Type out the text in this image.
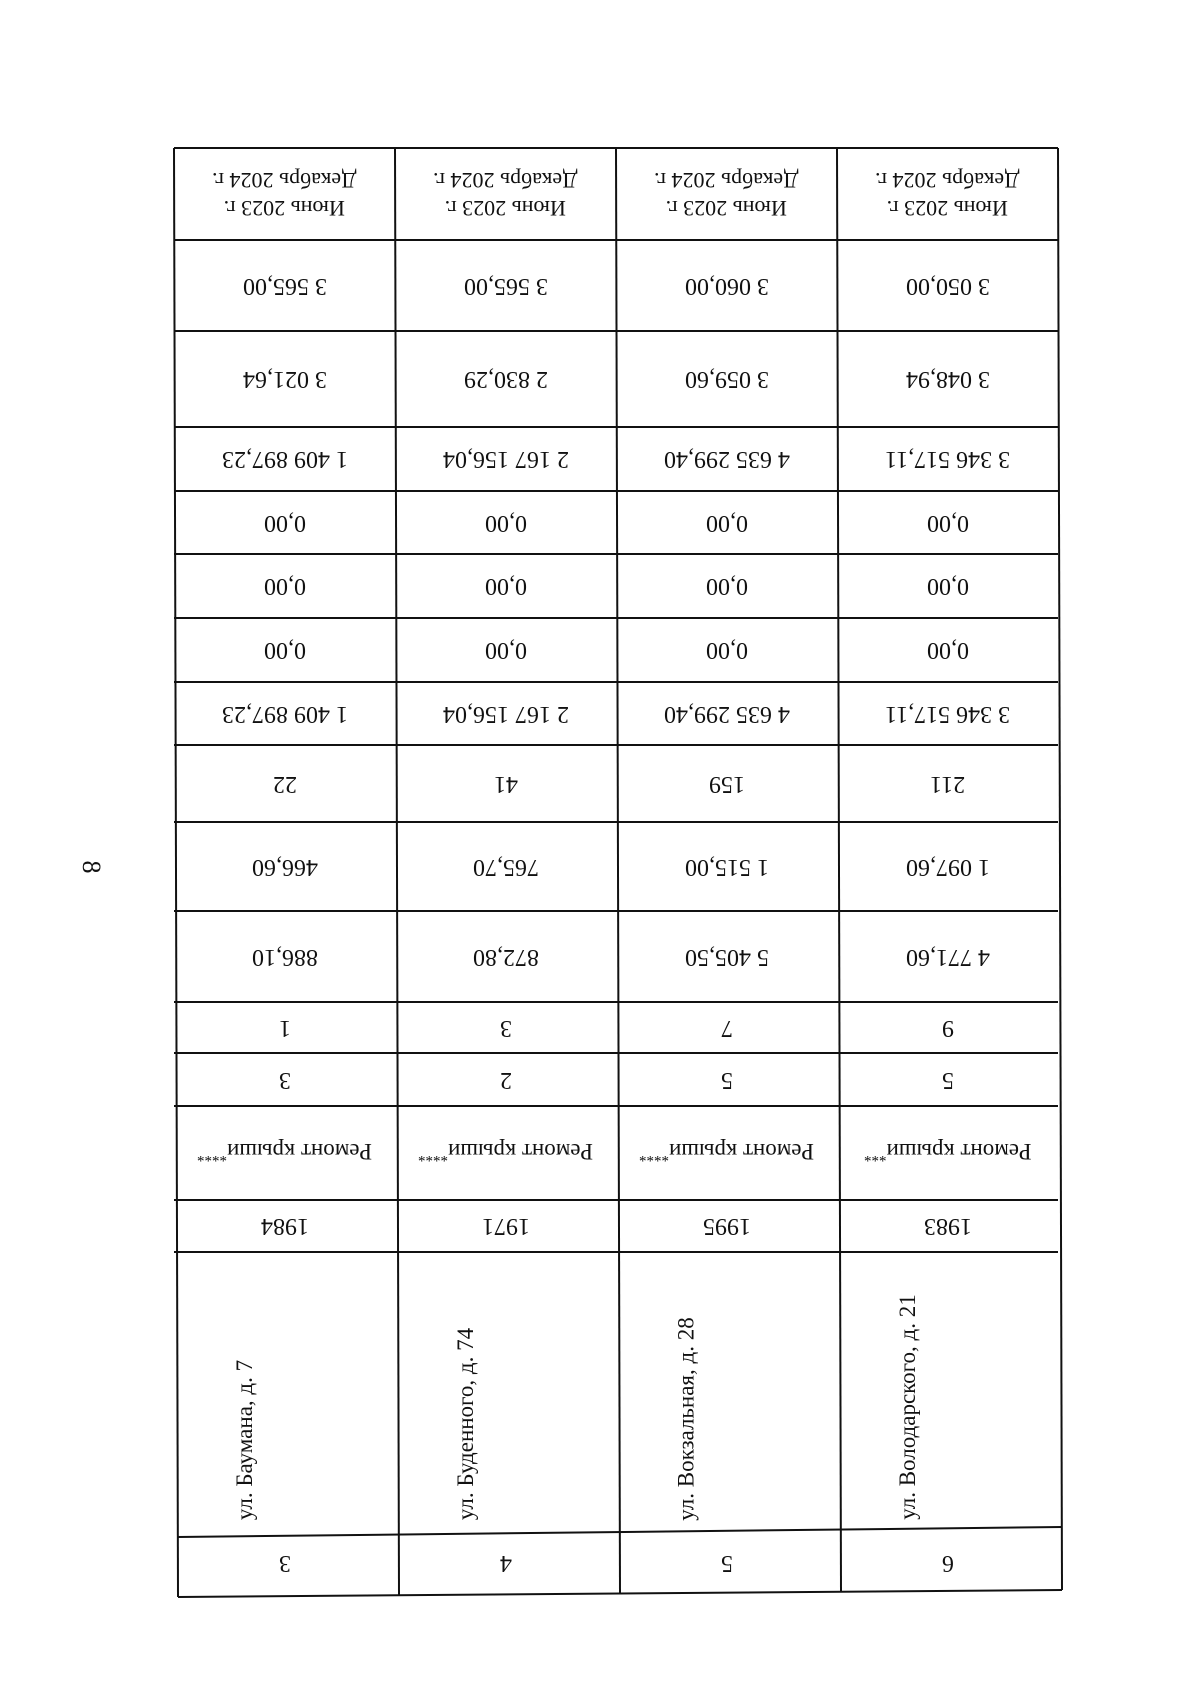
8
Июнь 2023 г.
Декабрь 2024 г.
3 565,00
3 021,64
1 409 897,23
0,00
0,00
0,00
1 409 897,23
22
466,60
886,10
1
3
Ремонт крыши****
1984
ул. Баумана, д. 7
3
Июнь 2023 г.
Декабрь 2024 г.
3 565,00
2 830,29
2 167 156,04
0,00
0,00
0,00
2 167 156,04
41
765,70
872,80
3
2
Ремонт крыши****
1971
ул. Буденного, д. 74
4
Июнь 2023 г.
Декабрь 2024 г.
3 060,00
3 059,60
4 635 299,40
0,00
0,00
0,00
4 635 299,40
159
1 515,00
5 405,50
7
5
Ремонт крыши****
1995
ул. Вокзальная, д. 28
5
Июнь 2023 г.
Декабрь 2024 г.
3 050,00
3 048,94
3 346 517,11
0,00
0,00
0,00
3 346 517,11
211
1 097,60
4 771,60
9
5
Ремонт крыши***
1983
ул. Володарского, д. 21
6
